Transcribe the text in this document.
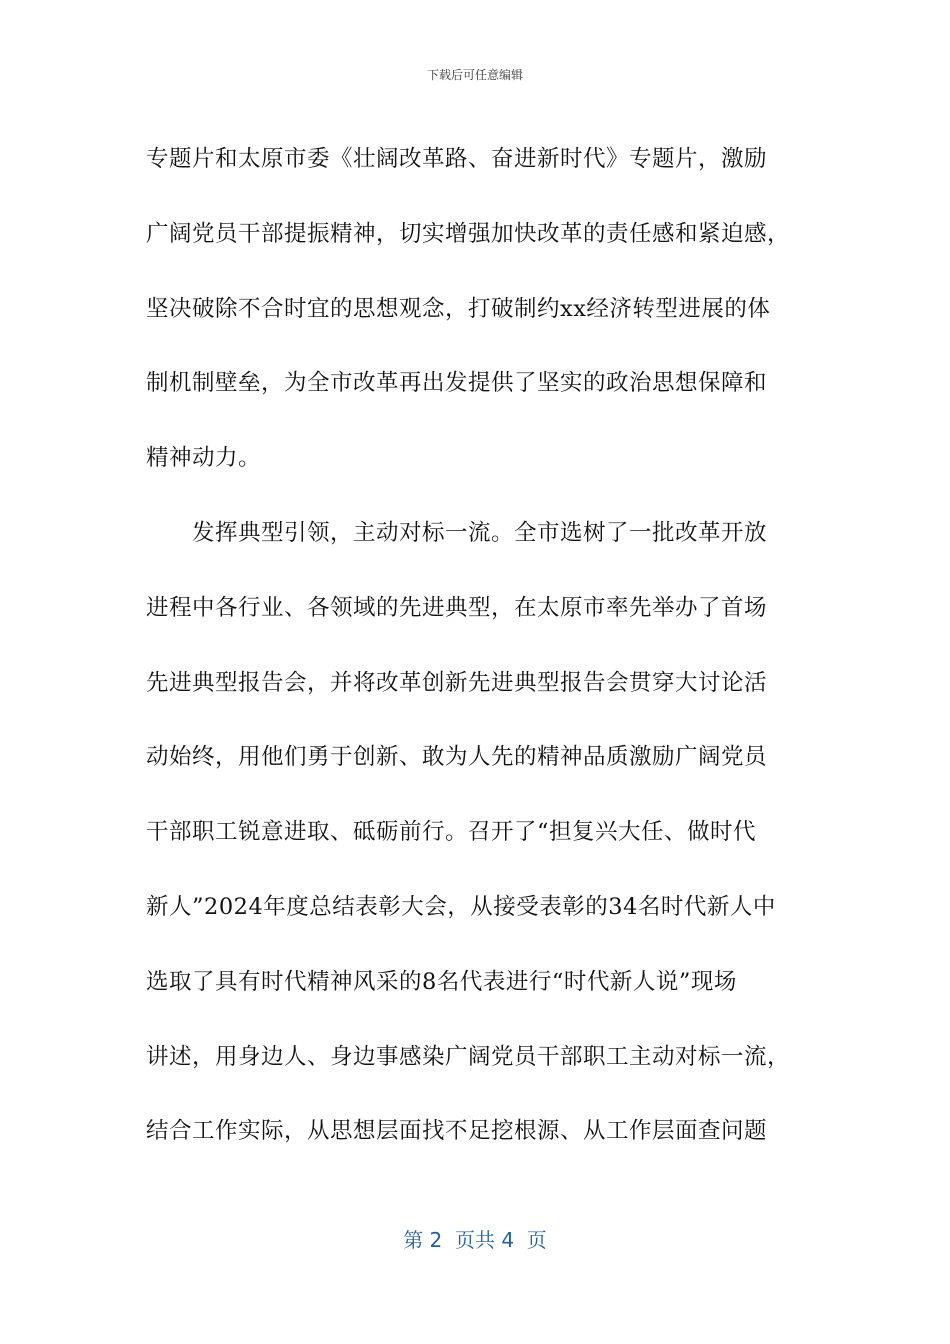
下载后可任意编辑
专题片和太原市委《壮阔改革路、奋进新时代》专题片，激励
广阔党员干部提振精神，切实增强加快改革的责任感和紧迫感，
坚决破除不合时宜的思想观念，打破制约xx经济转型进展的体
制机制壁垒，为全市改革再出发提供了坚实的政治思想保障和
精神动力。
发挥典型引领，主动对标一流。全市选树了一批改革开放
进程中各行业、各领域的先进典型，在太原市率先举办了首场
先进典型报告会，并将改革创新先进典型报告会贯穿大讨论活
动始终，用他们勇于创新、敢为人先的精神品质激励广阔党员
干部职工锐意进取、砥砺前行。召开了“担复兴大任、做时代
新人”2024年度总结表彰大会，从接受表彰的34名时代新人中
选取了具有时代精神风采的8名代表进行“时代新人说”现场
讲述，用身边人、身边事感染广阔党员干部职工主动对标一流，
结合工作实际，从思想层面找不足挖根源、从工作层面查问题
第 2  页共 4  页
